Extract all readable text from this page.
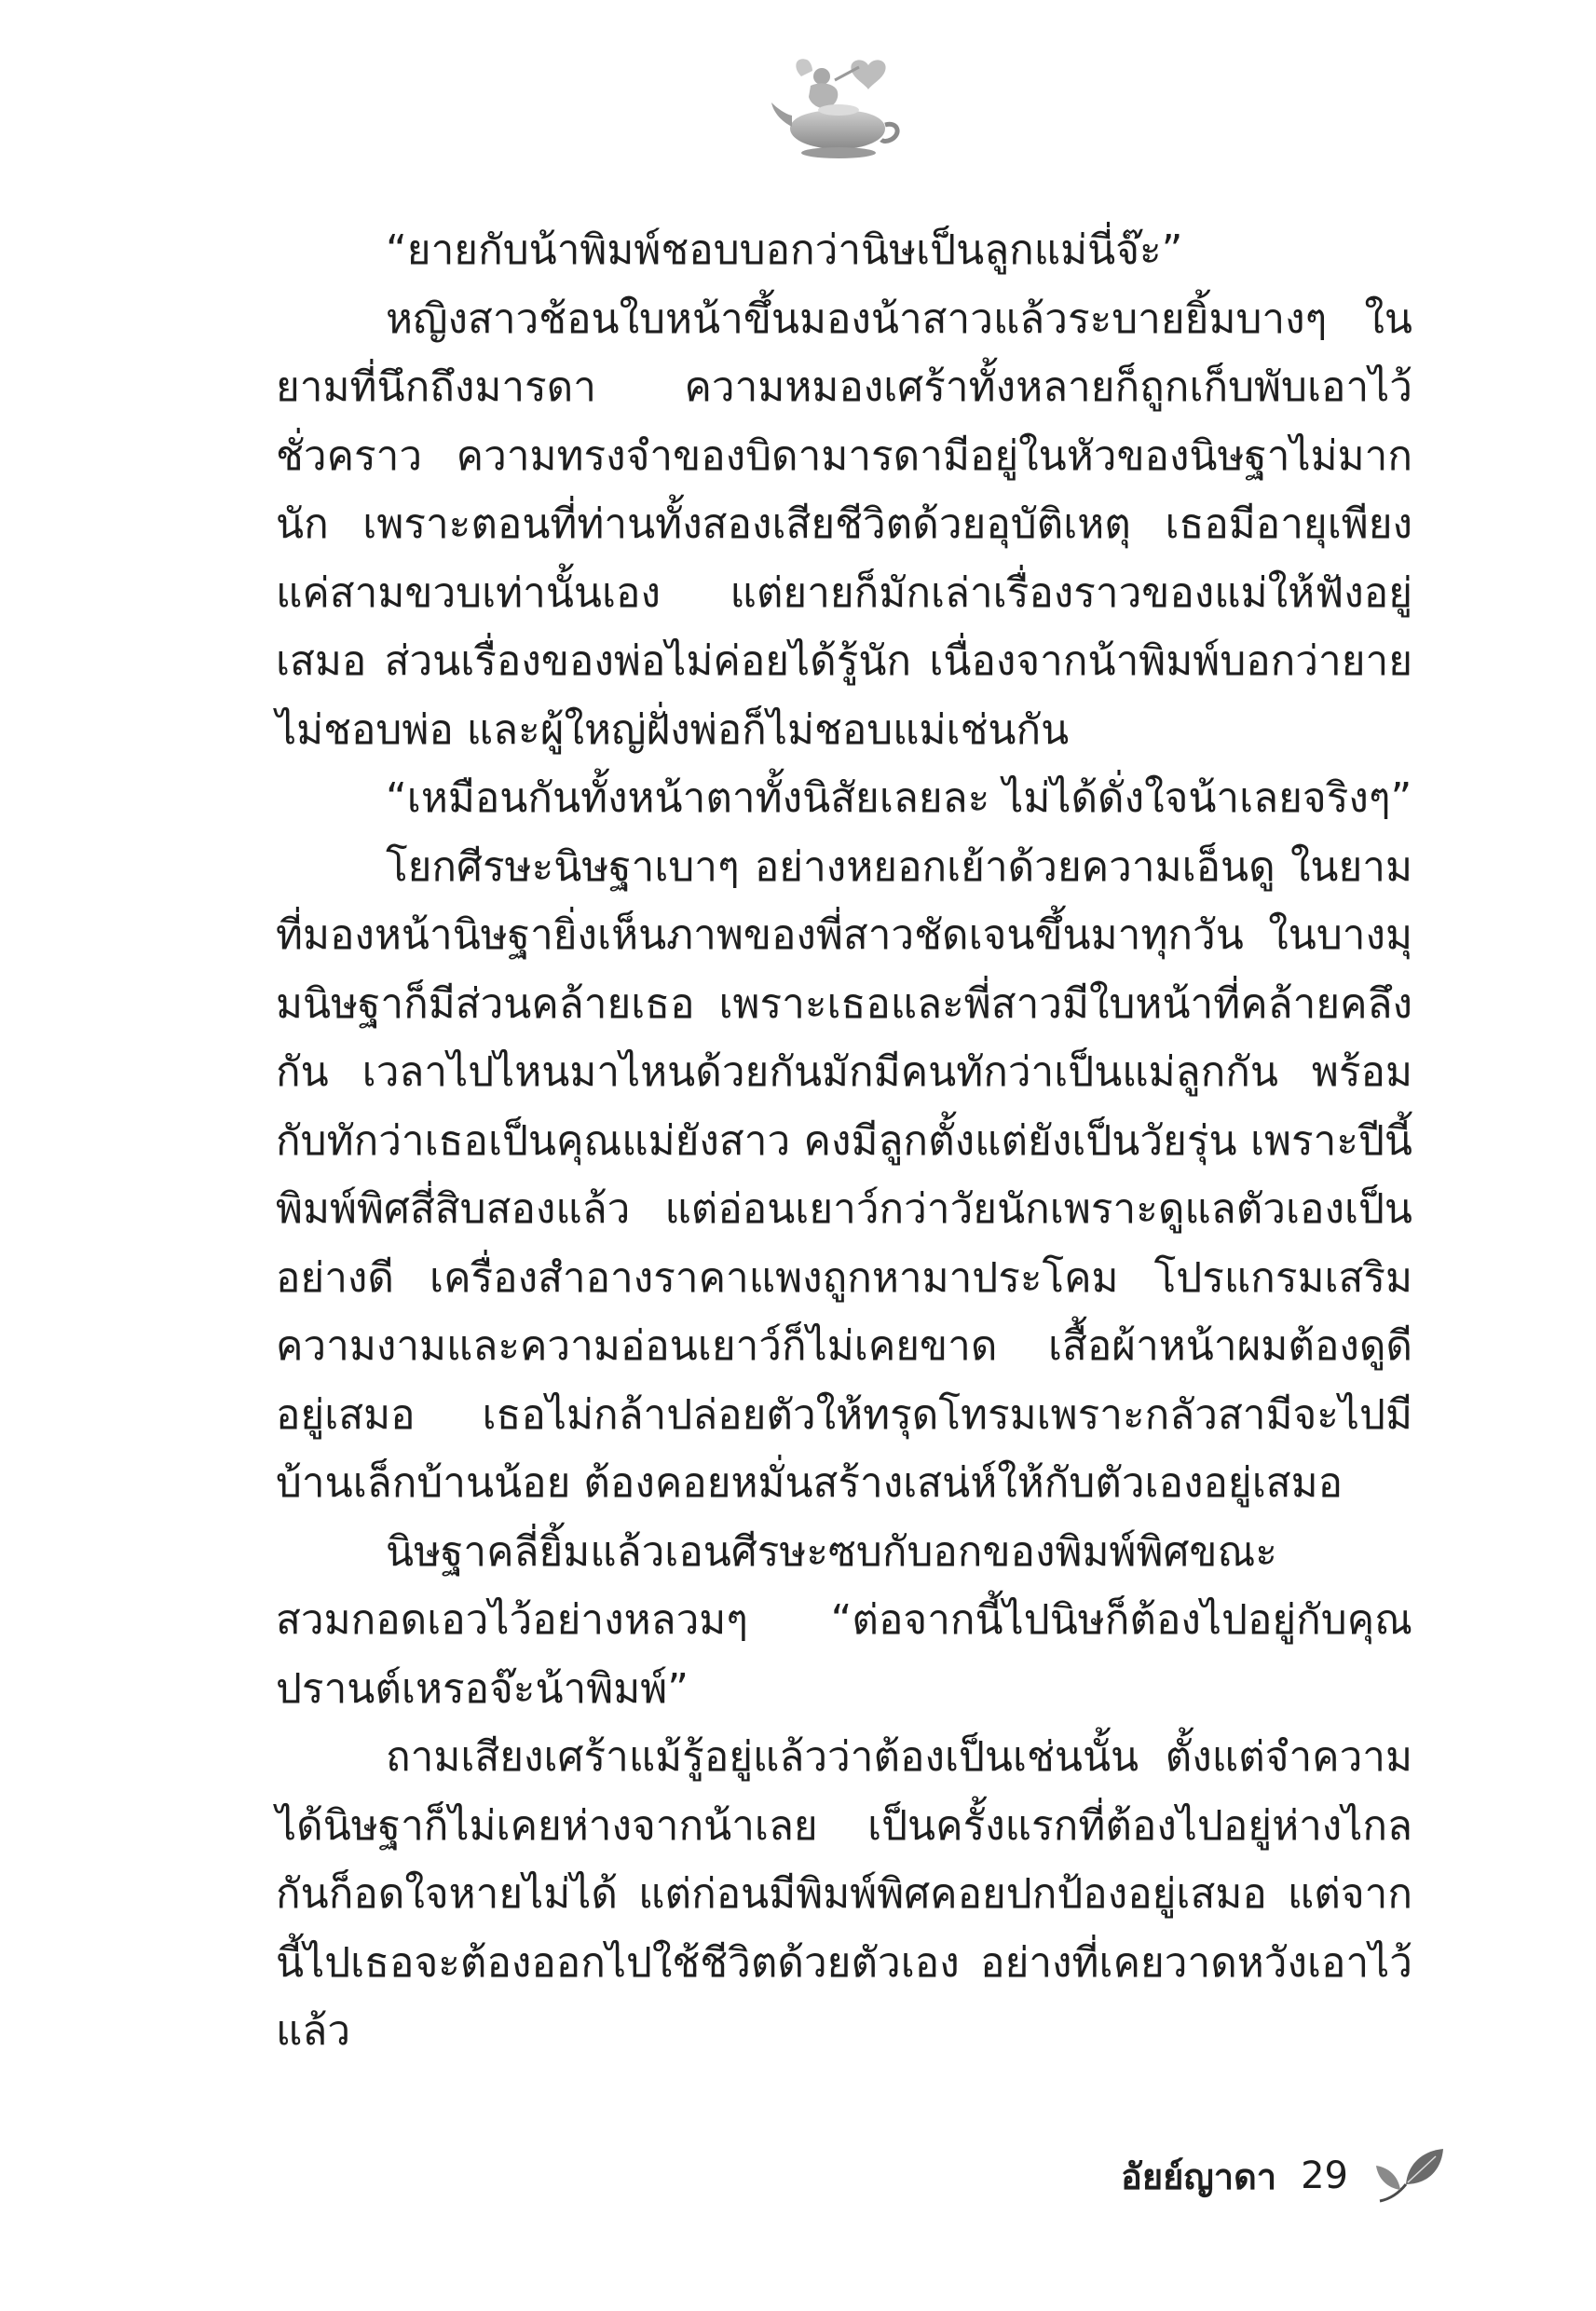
“ยายกับน้าพิมพ์ชอบบอกว่านิษเป็นลูกแม่นี่จ๊ะ”

หญิงสาวช้อนใบหน้าขึ้นมองน้าสาวแล้วระบายยิ้มบางๆ ในยามที่นึกถึงมารดา ความหมองเศร้าทั้งหลายก็ถูกเก็บพับเอาไว้ชั่วคราว ความทรงจำของบิดามารดามีอยู่ในหัวของนิษฐาไม่มากนัก เพราะตอนที่ท่านทั้งสองเสียชีวิตด้วยอุบัติเหตุ เธอมีอายุเพียงแค่สามขวบเท่านั้นเอง แต่ยายก็มักเล่าเรื่องราวของแม่ให้ฟังอยู่เสมอ ส่วนเรื่องของพ่อไม่ค่อยได้รู้นัก เนื่องจากน้าพิมพ์บอกว่ายายไม่ชอบพ่อ และผู้ใหญ่ฝั่งพ่อก็ไม่ชอบแม่เช่นกัน

“เหมือนกันทั้งหน้าตาทั้งนิสัยเลยละ ไม่ได้ดั่งใจน้าเลยจริงๆ”

โยกศีรษะนิษฐาเบาๆ อย่างหยอกเย้าด้วยความเอ็นดู ในยามที่มองหน้านิษฐายิ่งเห็นภาพของพี่สาวชัดเจนขึ้นมาทุกวัน ในบางมุมนิษฐาก็มีส่วนคล้ายเธอ เพราะเธอและพี่สาวมีใบหน้าที่คล้ายคลึงกัน เวลาไปไหนมาไหนด้วยกันมักมีคนทักว่าเป็นแม่ลูกกัน พร้อมกับทักว่าเธอเป็นคุณแม่ยังสาว คงมีลูกตั้งแต่ยังเป็นวัยรุ่น เพราะปีนี้พิมพ์พิศสี่สิบสองแล้ว แต่อ่อนเยาว์กว่าวัยนักเพราะดูแลตัวเองเป็นอย่างดี เครื่องสำอางราคาแพงถูกหามาประโคม โปรแกรมเสริมความงามและความอ่อนเยาว์ก็ไม่เคยขาด เสื้อผ้าหน้าผมต้องดูดีอยู่เสมอ เธอไม่กล้าปล่อยตัวให้ทรุดโทรมเพราะกลัวสามีจะไปมีบ้านเล็กบ้านน้อย ต้องคอยหมั่นสร้างเสน่ห์ให้กับตัวเองอยู่เสมอ

นิษฐาคลี่ยิ้มแล้วเอนศีรษะซบกับอกของพิมพ์พิศขณะสวมกอดเอวไว้อย่างหลวมๆ “ต่อจากนี้ไปนิษก็ต้องไปอยู่กับคุณปรานต์เหรอจ๊ะน้าพิมพ์”

ถามเสียงเศร้าแม้รู้อยู่แล้วว่าต้องเป็นเช่นนั้น ตั้งแต่จำความได้นิษฐาก็ไม่เคยห่างจากน้าเลย เป็นครั้งแรกที่ต้องไปอยู่ห่างไกลกันก็อดใจหายไม่ได้ แต่ก่อนมีพิมพ์พิศคอยปกป้องอยู่เสมอ แต่จากนี้ไปเธอจะต้องออกไปใช้ชีวิตด้วยตัวเอง อย่างที่เคยวาดหวังเอาไว้แล้ว

อัยย์ญาดา 29
